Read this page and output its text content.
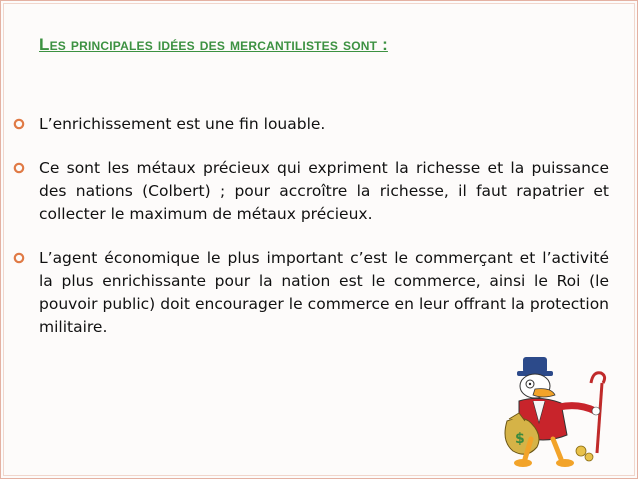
Les principales idées des mercantilistes sont :
L’enrichissement est une fin louable.
Ce sont les métaux précieux qui expriment la richesse et la puissance des nations (Colbert) ; pour accroître la richesse, il faut rapatrier et collecter le maximum de métaux précieux.
L’agent économique le plus important c’est le commerçant et l’activité la plus enrichissante pour la nation est le commerce, ainsi le Roi (le pouvoir public) doit encourager le commerce en leur offrant la protection militaire.
$
